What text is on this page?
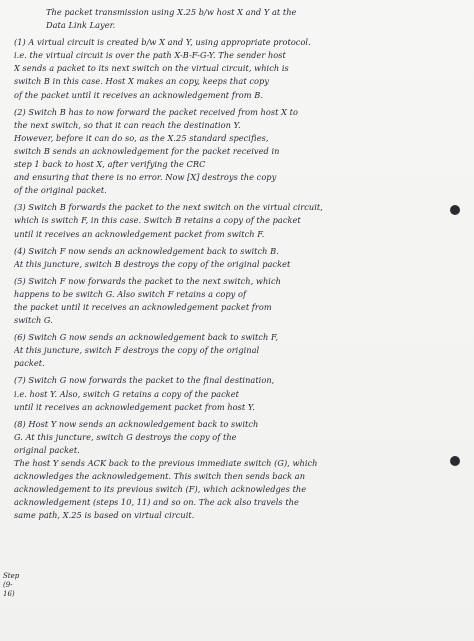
The packet transmission using X.25 b/w host X and Y at the
Data Link Layer.
(1) A virtual circuit is created b/w X and Y, using appropriate protocol.
i.e. the virtual circuit is over the path X-B-F-G-Y. The sender host
X sends a packet to its next switch on the virtual circuit, which is
switch B in this case. Host X makes an copy, keeps that copy
of the packet until it receives an acknowledgement from B.
(2) Switch B has to now forward the packet received from host X to
the next switch, so that it can reach the destination Y.
However, before it can do so, as the X.25 standard specifies,
switch B sends an acknowledgement for the packet received in
step 1 back to host X, after verifying the CRC
and ensuring that there is no error. Now [X] destroys the copy
of the original packet.
(3) Switch B forwards the packet to the next switch on the virtual circuit,
which is switch F, in this case. Switch B retains a copy of the packet
until it receives an acknowledgement packet from switch F.
(4) Switch F now sends an acknowledgement back to switch B.
At this juncture, switch B destroys the copy of the original packet
(5) Switch F now forwards the packet to the next switch, which
happens to be switch G. Also switch F retains a copy of
the packet until it receives an acknowledgement packet from
switch G.
(6) Switch G now sends an acknowledgement back to switch F,
At this juncture, switch F destroys the copy of the original
packet.
(7) Switch G now forwards the packet to the final destination,
i.e. host Y. Also, switch G retains a copy of the packet
until it receives an acknowledgement packet from host Y.
(8) Host Y now sends an acknowledgement back to switch
G. At this juncture, switch G destroys the copy of the
original packet.
The host Y sends ACK back to the previous immediate switch (G), which
acknowledges the acknowledgement. This switch then sends back an
acknowledgement to its previous switch (F), which acknowledges the
acknowledgement (steps 10, 11) and so on. The ack also travels the
same path, X.25 is based on virtual circuit.
Step
(9-16)
